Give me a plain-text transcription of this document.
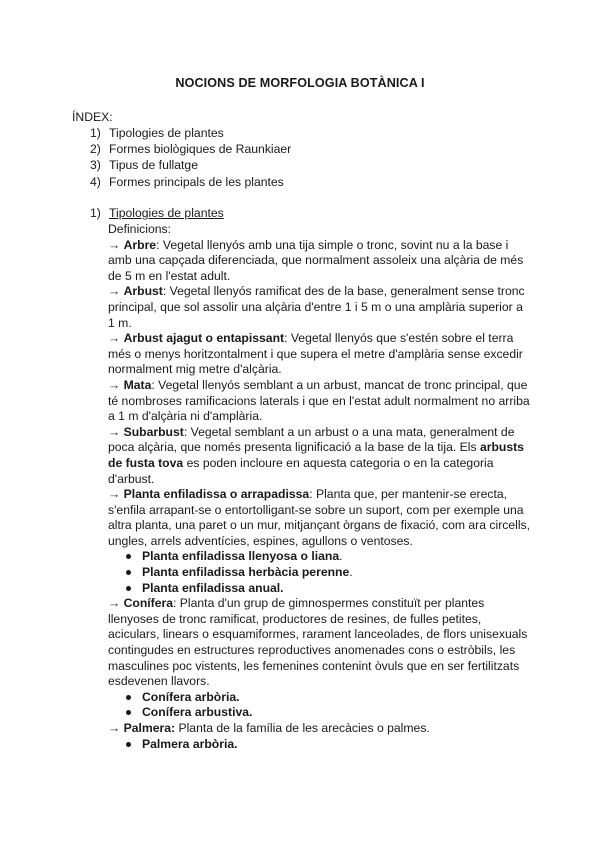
NOCIONS DE MORFOLOGIA BOTÀNICA I
ÍNDEX:
1) Tipologies de plantes
2) Formes biològiques de Raunkiaer
3) Tipus de fullatge
4) Formes principals de les plantes
1) Tipologies de plantes

Definicions:

→ Arbre: Vegetal llenyós amb una tija simple o tronc, sovint nu a la base i amb una capçada diferenciada, que normalment assoleix una alçària de més de 5 m en l'estat adult.

→ Arbust: Vegetal llenyós ramificat des de la base, generalment sense tronc principal, que sol assolir una alçària d'entre 1 i 5 m o una amplària superior a 1 m.

→ Arbust ajagut o entapissant: Vegetal llenyós que s'estén sobre el terra més o menys horitzontalment i que supera el metre d'amplària sense excedir normalment mig metre d'alçària.

→ Mata: Vegetal llenyós semblant a un arbust, mancat de tronc principal, que té nombroses ramificacions laterals i que en l'estat adult normalment no arriba a 1 m d'alçària ni d'amplària.

→ Subarbust: Vegetal semblant a un arbust o a una mata, generalment de poca alçària, que només presenta lignificació a la base de la tija. Els arbusts de fusta tova es poden incloure en aquesta categoria o en la categoria d'arbust.

→ Planta enfiladissa o arrapadissa: Planta que, per mantenir-se erecta, s'enfila arrapant-se o entortolligant-se sobre un suport, com per exemple una altra planta, una paret o un mur, mitjançant òrgans de fixació, com ara circells, ungles, arrels adventícies, espines, agullons o ventoses.

Planta enfiladissa llenyosa o liana.
Planta enfiladissa herbàcia perenne.
Planta enfiladissa anual.

→ Conífera: Planta d'un grup de gimnospermes constituït per plantes llenyoses de tronc ramificat, productores de resines, de fulles petites, aciculars, linears o esquamiformes, rarament lanceolades, de flors unisexuals contingudes en estructures reproductives anomenades cons o estròbils, les masculines poc vistents, les femenines contenint òvuls que en ser fertilitzats esdevenen llavors.

Conífera arbòria.
Conífera arbustiva.

→ Palmera: Planta de la família de les arecàcies o palmes.

Palmera arbòria.
